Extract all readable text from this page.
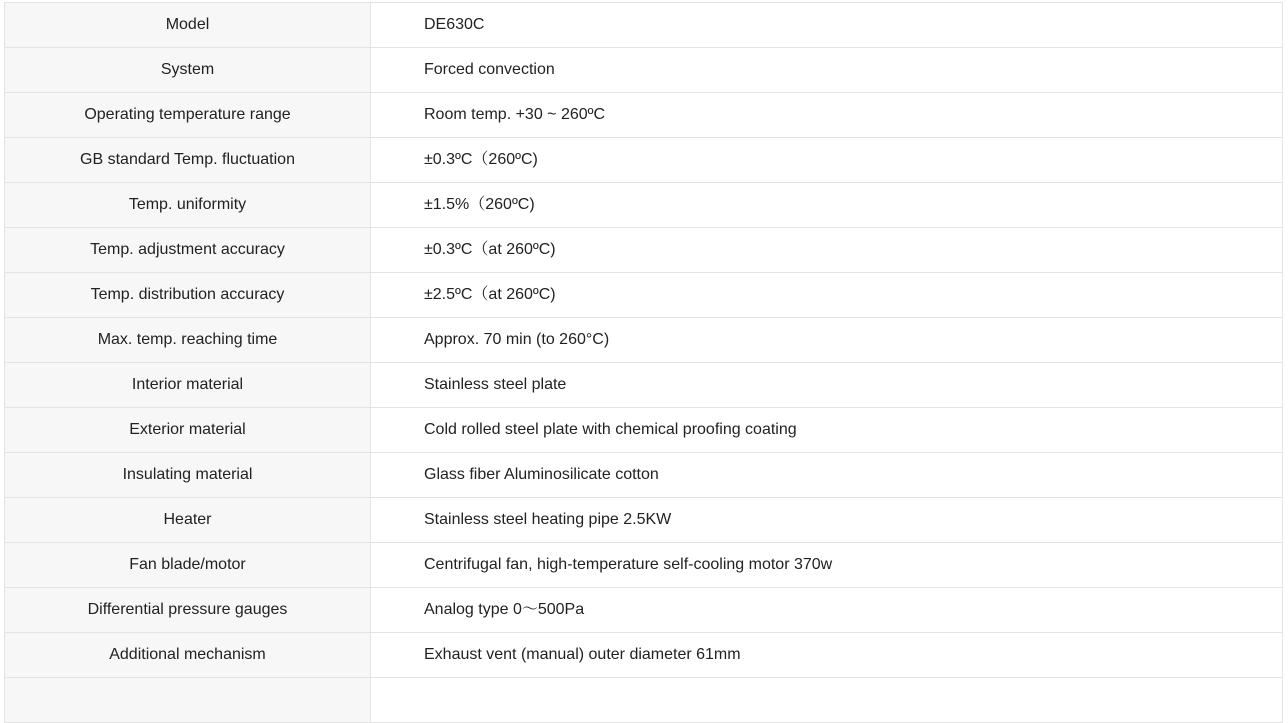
Model	DE630C
System	Forced convection
Operating temperature range	Room temp. +30 ~ 260ºC
GB standard Temp. fluctuation	±0.3ºC（260ºC)
Temp. uniformity	±1.5%（260ºC)
Temp. adjustment accuracy	±0.3ºC（at 260ºC)
Temp. distribution accuracy	±2.5ºC（at 260ºC)
Max. temp. reaching time	Approx. 70 min (to 260°C)
Interior material	Stainless steel plate
Exterior material	Cold rolled steel plate with chemical proofing coating
Insulating material	Glass fiber Aluminosilicate cotton
Heater	Stainless steel heating pipe 2.5KW
Fan blade/motor	Centrifugal fan, high-temperature self-cooling motor 370w
Differential pressure gauges	Analog type 0～500Pa
Additional mechanism	Exhaust vent (manual) outer diameter 61mm
